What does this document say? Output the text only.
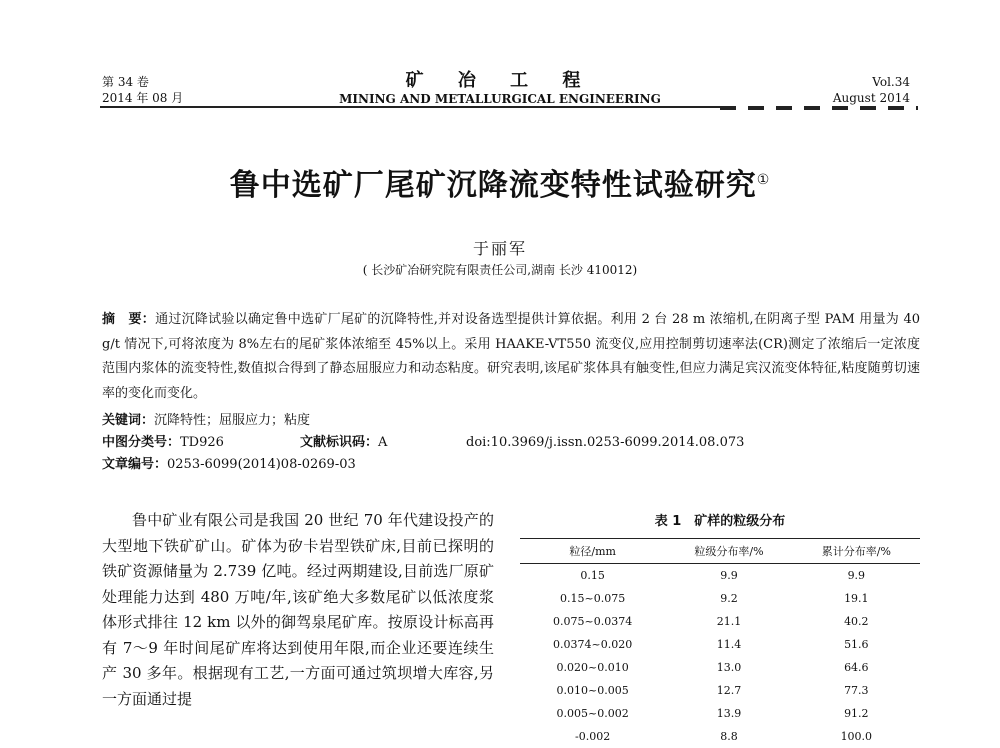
第 34 卷
2014 年 08 月
矿 冶 工 程
MINING AND METALLURGICAL ENGINEERING
Vol.34
August 2014
鲁中选矿厂尾矿沉降流变特性试验研究①
于丽军
( 长沙矿冶研究院有限责任公司,湖南 长沙 410012)
摘　要：通过沉降试验以确定鲁中选矿厂尾矿的沉降特性,并对设备选型提供计算依据。利用 2 台 28 m 浓缩机,在阴离子型 PAM 用量为 40 g/t 情况下,可将浓度为 8%左右的尾矿浆体浓缩至 45%以上。采用 HAAKE-VT550 流变仪,应用控制剪切速率法(CR)测定了浓缩后一定浓度范围内浆体的流变特性,数值拟合得到了静态屈服应力和动态粘度。研究表明,该尾矿浆体具有触变性,但应力满足宾汉流变体特征,粘度随剪切速率的变化而变化。
关键词：沉降特性；屈服应力；粘度
中图分类号：TD926	文献标识码：A	doi:10.3969/j.issn.0253-6099.2014.08.073
文章编号：0253-6099(2014)08-0269-03
鲁中矿业有限公司是我国 20 世纪 70 年代建设投产的大型地下铁矿矿山。矿体为矽卡岩型铁矿床,目前已探明的铁矿资源储量为 2.739 亿吨。经过两期建设,目前选厂原矿处理能力达到 480 万吨/年,该矿绝大多数尾矿以低浓度浆体形式排往 12 km 以外的御驾泉尾矿库。按原设计标高再有 7～9 年时间尾矿库将达到使用年限,而企业还要连续生产 30 多年。根据现有工艺,一方面可通过筑坝增大库容,另一方面通过提
表 1　矿样的粒级分布
粒径/mm	粒级分布率/%	累计分布率/%
0.15	9.9	9.9
0.15~0.075	9.2	19.1
0.075~0.0374	21.1	40.2
0.0374~0.020	11.4	51.6
0.020~0.010	13.0	64.6
0.010~0.005	12.7	77.3
0.005~0.002	13.9	91.2
-0.002	8.8	100.0
